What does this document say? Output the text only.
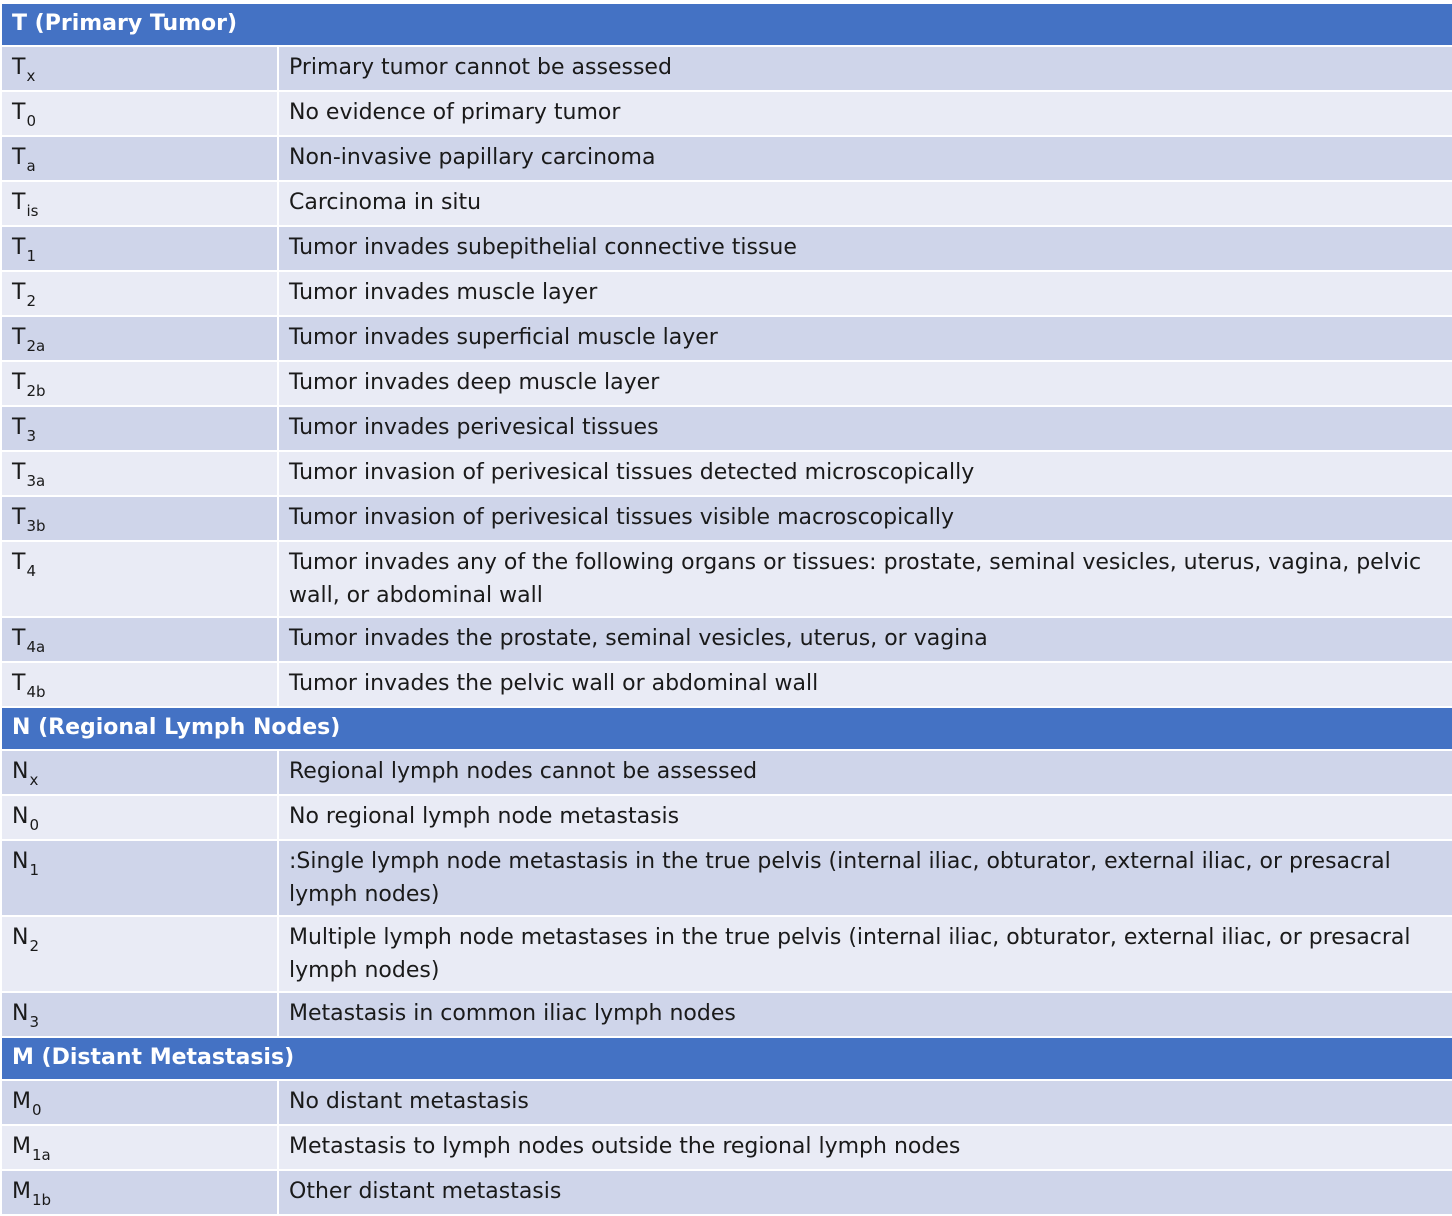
T (Primary Tumor)	
$T_x$	Primary tumor cannot be assessed
$T_0$	No evidence of primary tumor
$T_a$	Non-invasive papillary carcinoma
$T_{is}$	Carcinoma in situ
$T_1$	Tumor invades subepithelial connective tissue
$T_2$	Tumor invades muscle layer
$T_{2a}$	Tumor invades superficial muscle layer
$T_{2b}$	Tumor invades deep muscle layer
$T_3$	Tumor invades perivesical tissues
$T_{3a}$	Tumor invasion of perivesical tissues detected microscopically
$T_{3b}$	Tumor invasion of perivesical tissues visible macroscopically
$T_4$	Tumor invades any of the following organs or tissues: prostate, seminal vesicles, uterus, vagina, pelvic wall, or abdominal wall
$T_{4a}$	Tumor invades the prostate, seminal vesicles, uterus, or vagina
$T_{4b}$	Tumor invades the pelvic wall or abdominal wall
N (Regional Lymph Nodes)	
$N_x$	Regional lymph nodes cannot be assessed
$N_0$	No regional lymph node metastasis
$N_1$	:Single lymph node metastasis in the true pelvis (internal iliac, obturator, external iliac, or presacral lymph nodes)
$N_2$	Multiple lymph node metastases in the true pelvis (internal iliac, obturator, external iliac, or presacral lymph nodes)
$N_3$	Metastasis in common iliac lymph nodes
M (Distant Metastasis)	
$M_0$	No distant metastasis
$M_{1a}$	Metastasis to lymph nodes outside the regional lymph nodes
$M_{1b}$	Other distant metastasis
